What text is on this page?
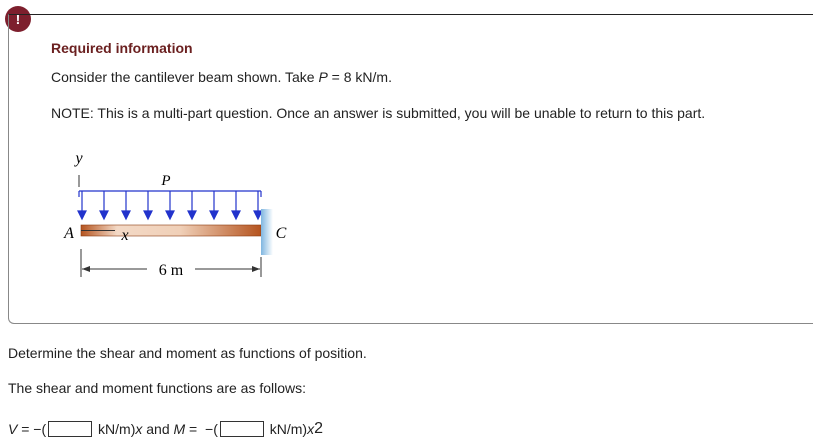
!
Required information
Consider the cantilever beam shown. Take P = 8 kN/m.
NOTE: This is a multi-part question. Once an answer is submitted, you will be unable to return to this part.
y
P
A	x	C
6 m
Determine the shear and moment as functions of position.
The shear and moment functions are as follows:
V = −(	kN/m) x and M =  −(	kN/m) x 2
